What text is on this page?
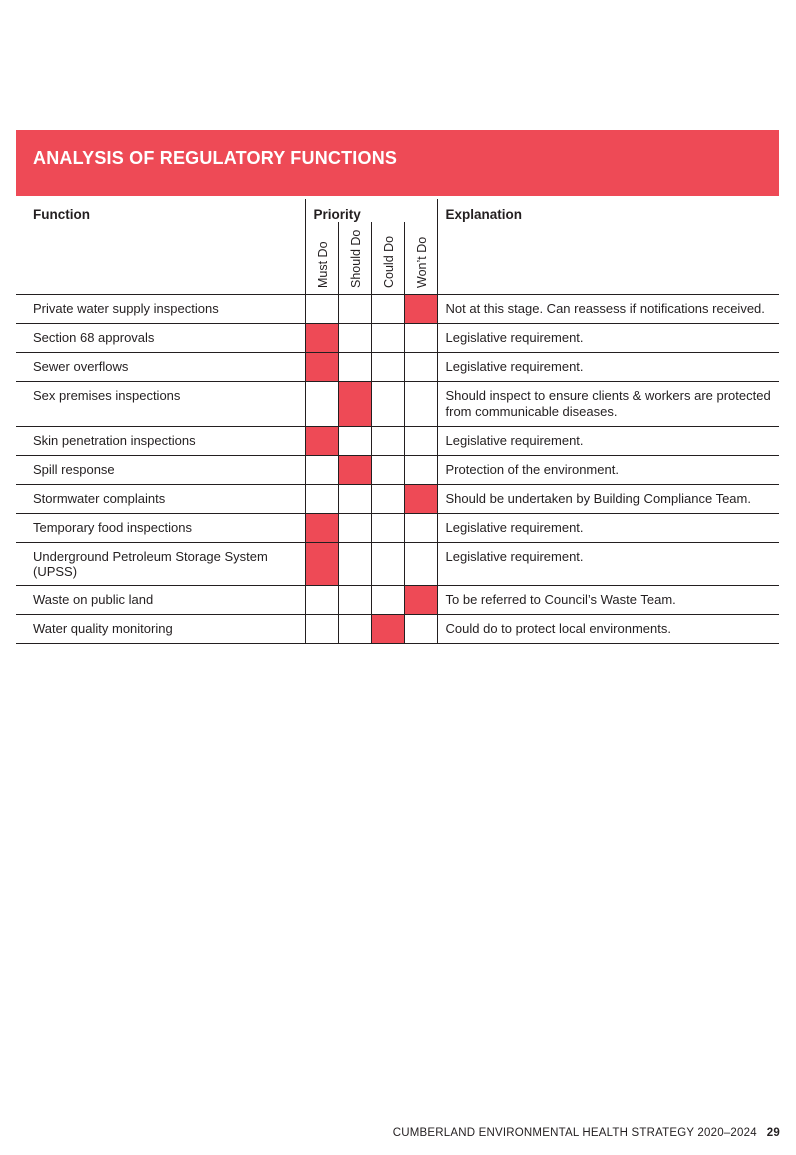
ANALYSIS OF REGULATORY FUNCTIONS
Function	Priority				Explanation

	Must Do	Should Do	Could Do	Won’t Do	

Private water supply inspections					Not at this stage. Can reassess if notifications received.
Section 68 approvals					Legislative requirement.
Sewer overflows					Legislative requirement.
Sex premises inspections					Should inspect to ensure clients & workers are protected from communicable diseases.
Skin penetration inspections					Legislative requirement.
Spill response					Protection of the environment.
Stormwater complaints					Should be undertaken by Building Compliance Team.
Temporary food inspections					Legislative requirement.
Underground Petroleum Storage System (UPSS)					Legislative requirement.
Waste on public land					To be referred to Council’s Waste Team.
Water quality monitoring					Could do to protect local environments.
CUMBERLAND ENVIRONMENTAL HEALTH STRATEGY 2020–2024 29
